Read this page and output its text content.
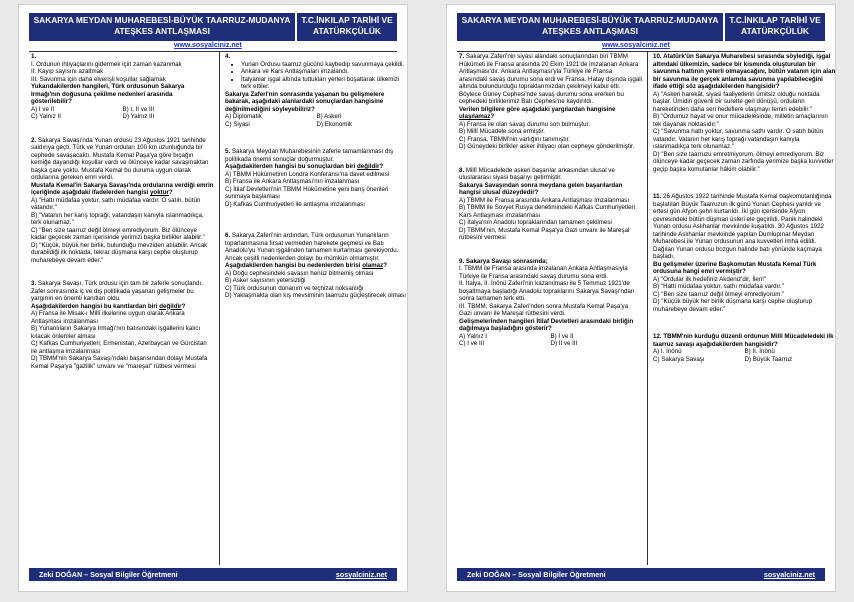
SAKARYA MEYDAN MUHAREBESİ-BÜYÜK TAARRUZ-MUDANYA ATEŞKES ANTLAŞMASI
T.C.İNKILAP TARİHİ VE ATATÜRKÇÜLÜK
www.sosyalciniz.net
1.
I. Ordunun ihtiyaçlarını gidermek için zaman kazanmak
II. Kayıp sayısını azaltmak
III. Savunma için daha elverişli koşullar sağlamak
Yukarıdakilerden hangileri, Türk ordusunun Sakarya Irmağı'nın doğusuna çekilme nedenleri arasında gösterilebilir?
A) I ve II	B) I, II ve III
C) Yalnız II	D) Yalnız III
2. Sakarya Savaşı'nda Yunan ordusu 23 Ağustos 1921 tarihinde saldırıya geçti. Türk ve Yunan orduları 100 km uzunluğunda bir cephede savaşacaktı. Mustafa Kemal Paşa'ya göre bıçağın kemiğe dayandığı koşullar vardı ve ölünceye kadar savaşmaktan başka çare yoktu. Mustafa Kemal bu duruma uygun olarak ordularına gereken emri verdi.
Mustafa Kemal'in Sakarya Savaşı'nda ordularına verdiği emrin içeriğinde aşağıdaki ifadelerden hangisi yoktur?
A) "Hattı müdafaa yoktur, sathı müdafaa vardır. O satıh, bütün vatandır."
B) "Vatanın her karış toprağı, vatandaşın kanıyla ıslanmadıkça, terk olunamaz."
C) "Ben size taarruz değil ölmeyi emrediyorum. Biz ölünceye kadar geçecek zaman içerisinde yerimizi başka birlikler alabilir."
D) "Küçük, büyük her birlik, bulunduğu mevziden atılabilir. Ancak durabildiği ilk noktada, tekrar düşmana karşı cephe oluşturup muharebeye devam eder."
3. Sakarya Savaşı, Türk ordusu için tam bir zaferle sonuçlandı. Zafer sonrasında iç ve dış politikada yaşanan gelişmeler bu yargının en önemli kanıtları oldu.
Aşağıdakilerden hangisi bu kanıtlardan biri değildir?
A) Fransa ile Misak-ı Millî ilkelerine uygun olarak Ankara Antlaşması imzalanması
B) Yunanlıların Sakarya Irmağı'nın batısındaki işgallerini kalıcı kılacak önlemler alması
C) Kafkas Cumhuriyetleri; Ermenistan, Azerbaycan ve Gürcistan ile antlaşma imzalanması
D) TBMM'nin Sakarya Savaşı'ndaki başarısından dolayı Mustafa Kemal Paşa'ya "gazilik" unvanı ve "mareşal" rütbesi vermesi
4.
• Yunan Ordusu taarruz gücünü kaybedip savunmaya çekildi.
• Ankara ve Kars Antlaşmaları imzalandı.
• İtalyanlar işgal altında tuttukları yerleri boşaltarak ülkemizi terk ettiler.
Sakarya Zaferi'nin sonrasında yaşanan bu gelişmelere bakarak, aşağıdaki alanlardaki sonuçlardan hangisine değinilmediğini söyleyebiliriz?
A) Diplomatik	B) Askeri
C) Siyasi	D) Ekonomik
5. Sakarya Meydan Muharebesinin zaferle tamamlanması dış politikada önemli sonuçlar doğurmuştur.
Aşağıdakilerden hangisi bu sonuçlardan biri değildir?
A) TBMM Hükümetinin Londra Konferansı'na davet edilmesi
B) Fransa ile Ankara Antlaşması'nın imzalanması
C) İtilaf Devletleri'nin TBMM Hükümetine yeni barış önerileri sunmaya başlaması
D) Kafkas Cumhuriyetleri ile antlaşma imzalanması
6. Sakarya Zaferi'nin ardından, Türk ordusunun Yunanlıların toparlanmasına fırsat vermeden harekete geçmesi ve Batı Anadolu'yu Yunan işgalinden tamamen kurtarması gerekiyordu. Ancak çeşitli nedenlerden dolayı bu mümkün olmamıştır.
Aşağıdakilerden hangisi bu nedenlerden birisi olamaz?
A) Doğu cephesindeki savaşın henüz bitmemiş olması
B) Asker sayısının yetersizliği
C) Türk ordusunun donanım ve teçhizat noksanlığı
D) Yaklaşmakta olan kış mevsiminin taarruzu güçleştirecek olması
Zeki DOĞAN – Sosyal Bilgiler Öğretmeni	sosyalciniz.net
SAKARYA MEYDAN MUHAREBESİ-BÜYÜK TAARRUZ-MUDANYA ATEŞKES ANTLAŞMASI
T.C.İNKILAP TARİHİ VE ATATÜRKÇÜLÜK
www.sosyalciniz.net
7. Sakarya Zaferi'nin siyasi alandaki sonuçlarından biri TBMM Hükümeti ile Fransa arasında 20 Ekim 1921'de imzalanan Ankara Antlaşması'dır. Ankara Antlaşması'yla Türkiye ile Fransa arasındaki savaş durumu sona erdi ve Fransa, Hatay dışında işgali altında bulundurduğu topraklarımızdan çekilmeyi kabul etti. Böylece Güney Cephesi'nde savaş durumu sona ererken bu cephedeki birliklerimiz Batı Cephesi'ne kaydırıldı.
Verilen bilgilere göre aşağıdaki yargılardan hangisine ulaşılamaz?
A) Fransa ile olan savaş durumu son bulmuştur.
B) Millî Mücadele sona ermiştir.
C) Fransa, TBMM'nin varlığını tanımıştır.
D) Güneydeki birlikler asker ihtiyacı olan cepheye gönderilmiştir.
8. Millî Mücadelede askeri başarılar arkasından ulusal ve uluslararası siyasi başarıyı getirmiştir.
Sakarya Savaşından sonra meydana gelen başarılardan hangisi ulusal düzeydedir?
A) TBMM ile Fransa arasında Ankara Antlaşması imzalanması
B) TBMM ile Sovyet Rusya denetimindeki Kafkas Cumhuriyetleri Kars Antlaşması imzalanması
C) İtalya'nın Anadolu topraklarından tamamen çekilmesi
D) TBMM'nin, Mustafa Kemal Paşa'ya Gazi unvanı ile Mareşal rütbesini vermesi
9. Sakarya Savaşı sonrasında;
I. TBMM ile Fransa arasında imzalanan Ankara Antlaşmasıyla Türkiye ile Fransa arasındaki savaş durumu sona erdi.
II. İtalya, II. İnönü Zaferi'nin kazanılması ile 5 Temmuz 1921'de boşaltmaya başladığı Anadolu topraklarını Sakarya Savaşı'ndan sonra tamamen terk etti.
III. TBMM, Sakarya Zaferi'nden sonra Mustafa Kemal Paşa'ya Gazi unvanı ile Mareşal rütbesini verdi.
Gelişmelerinden hangileri İtilaf Devletleri arasındaki birliğin dağılmaya başladığını gösterir?
A) Yalnız I	B) I ve II
C) I ve III	D) II ve III
10. Atatürk'ün Sakarya Muharebesi sırasında söylediği, işgal altındaki ülkemizin, sadece bir kısmında oluşturulan bir savunma hattının yeterli olmayacağını, bütün vatanın için alan bir savunma ile gerçek anlamda savunma yapılabileceğini ifade ettiği söz aşağıdakilerden hangisidir?
A) "Askeri harekât, siyasi faaliyetlerin ümitsiz olduğu noktada başlar. Ümidin güvenli bir surette geri dönüşü, orduların hareketinden daha seri hedeflere ulaşmayı temin edebilir."
B) "Ordumuz hayat ve onur mücadelesinde, milletin amaçlarının tek dayanak noktasıdır."
C) "Savunma hattı yoktur, savunma sathı vardır. O satıh bütün vatandır. Vatanın her karış toprağı vatandaşın kanıyla ıslanmadıkça terk olunamaz."
D) "Ben size taarruzu emretmiyorum, ölmeyi emrediyorum. Biz ölünceye kadar geçecek zaman zarfında yerimize başka kuvvetler geçip başka komutanlar hâkim olabilir."
11. 26 Ağustos 1922 tarihinde Mustafa Kemal başkomutanlığında başlatılan Büyük Taarruzun ilk günü Yunan Cephesi yarıldı ve ertesi gün Afyon şehri kurtarıldı. İki gün içerisinde Afyon çevresindeki bütün düşman üsleri ele geçirildi. Panik halindeki Yunan ordusu Aslıhanlar mevkiinde kuşatıldı. 30 Ağustos 1922 tarihinde Aslıhanlar mevkiinde yapılan Dumlupınar Meydan Muharebesi ile Yunan ordusunun ana kuvvetleri imha edildi. Dağılan Yunan ordusu bozgun halinde batı yönünde kaçmaya başladı.
Bu gelişmeler üzerine Başkomutan Mustafa Kemal Türk ordusuna hangi emri vermiştir?
A) "Ordular ilk hedefiniz Akdeniz'dir, İleri!"
B) "Hattı müdafaa yoktur, sathı müdafaa vardır."
C) "Ben size taarruz değil ölmeyi emrediyorum."
D) "Küçük büyük her birlik düşmana karşı cephe oluşturup muharebeye devam eder."
12. TBMM'nin kurduğu düzenli ordunun Millî Mücadeledeki ilk taarruz savaşı aşağıdakilerden hangisidir?
A) I. İnönü	B) II. İnönü
C) Sakarya Savaşı	D) Büyük Taarruz
Zeki DOĞAN – Sosyal Bilgiler Öğretmeni	sosyalciniz.net
